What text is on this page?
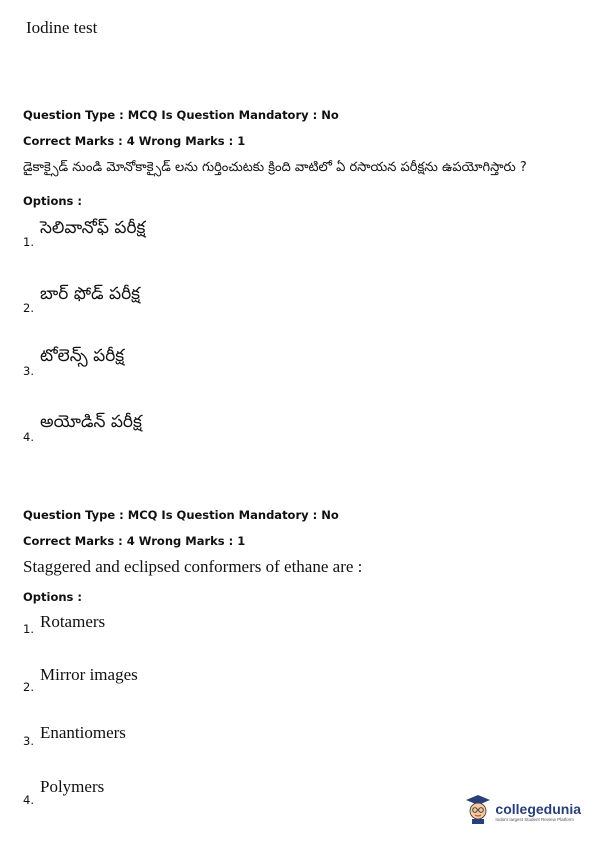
Iodine test
Question Type : MCQ Is Question Mandatory : No
Correct Marks : 4 Wrong Marks : 1
డైకాక్సైడ్ నుండి మోనోకాక్సైడ్ లను గుర్తించుటకు క్రింది వాటిలో ఏ రసాయన పరీక్షను ఉపయోగిస్తారు ?
Options :
1.
సెలివానోఫ్ పరీక్ష
2.
బార్ ఫోడ్ పరీక్ష
3.
టోలెన్స్ పరీక్ష
4.
అయోడిన్ పరీక్ష
Question Type : MCQ Is Question Mandatory : No
Correct Marks : 4 Wrong Marks : 1
Staggered and eclipsed conformers of ethane are :
Options :
1. Rotamers
2.
Mirror images
3. Enantiomers
4.
Polymers
collegedunia
India's largest Student Review Platform
